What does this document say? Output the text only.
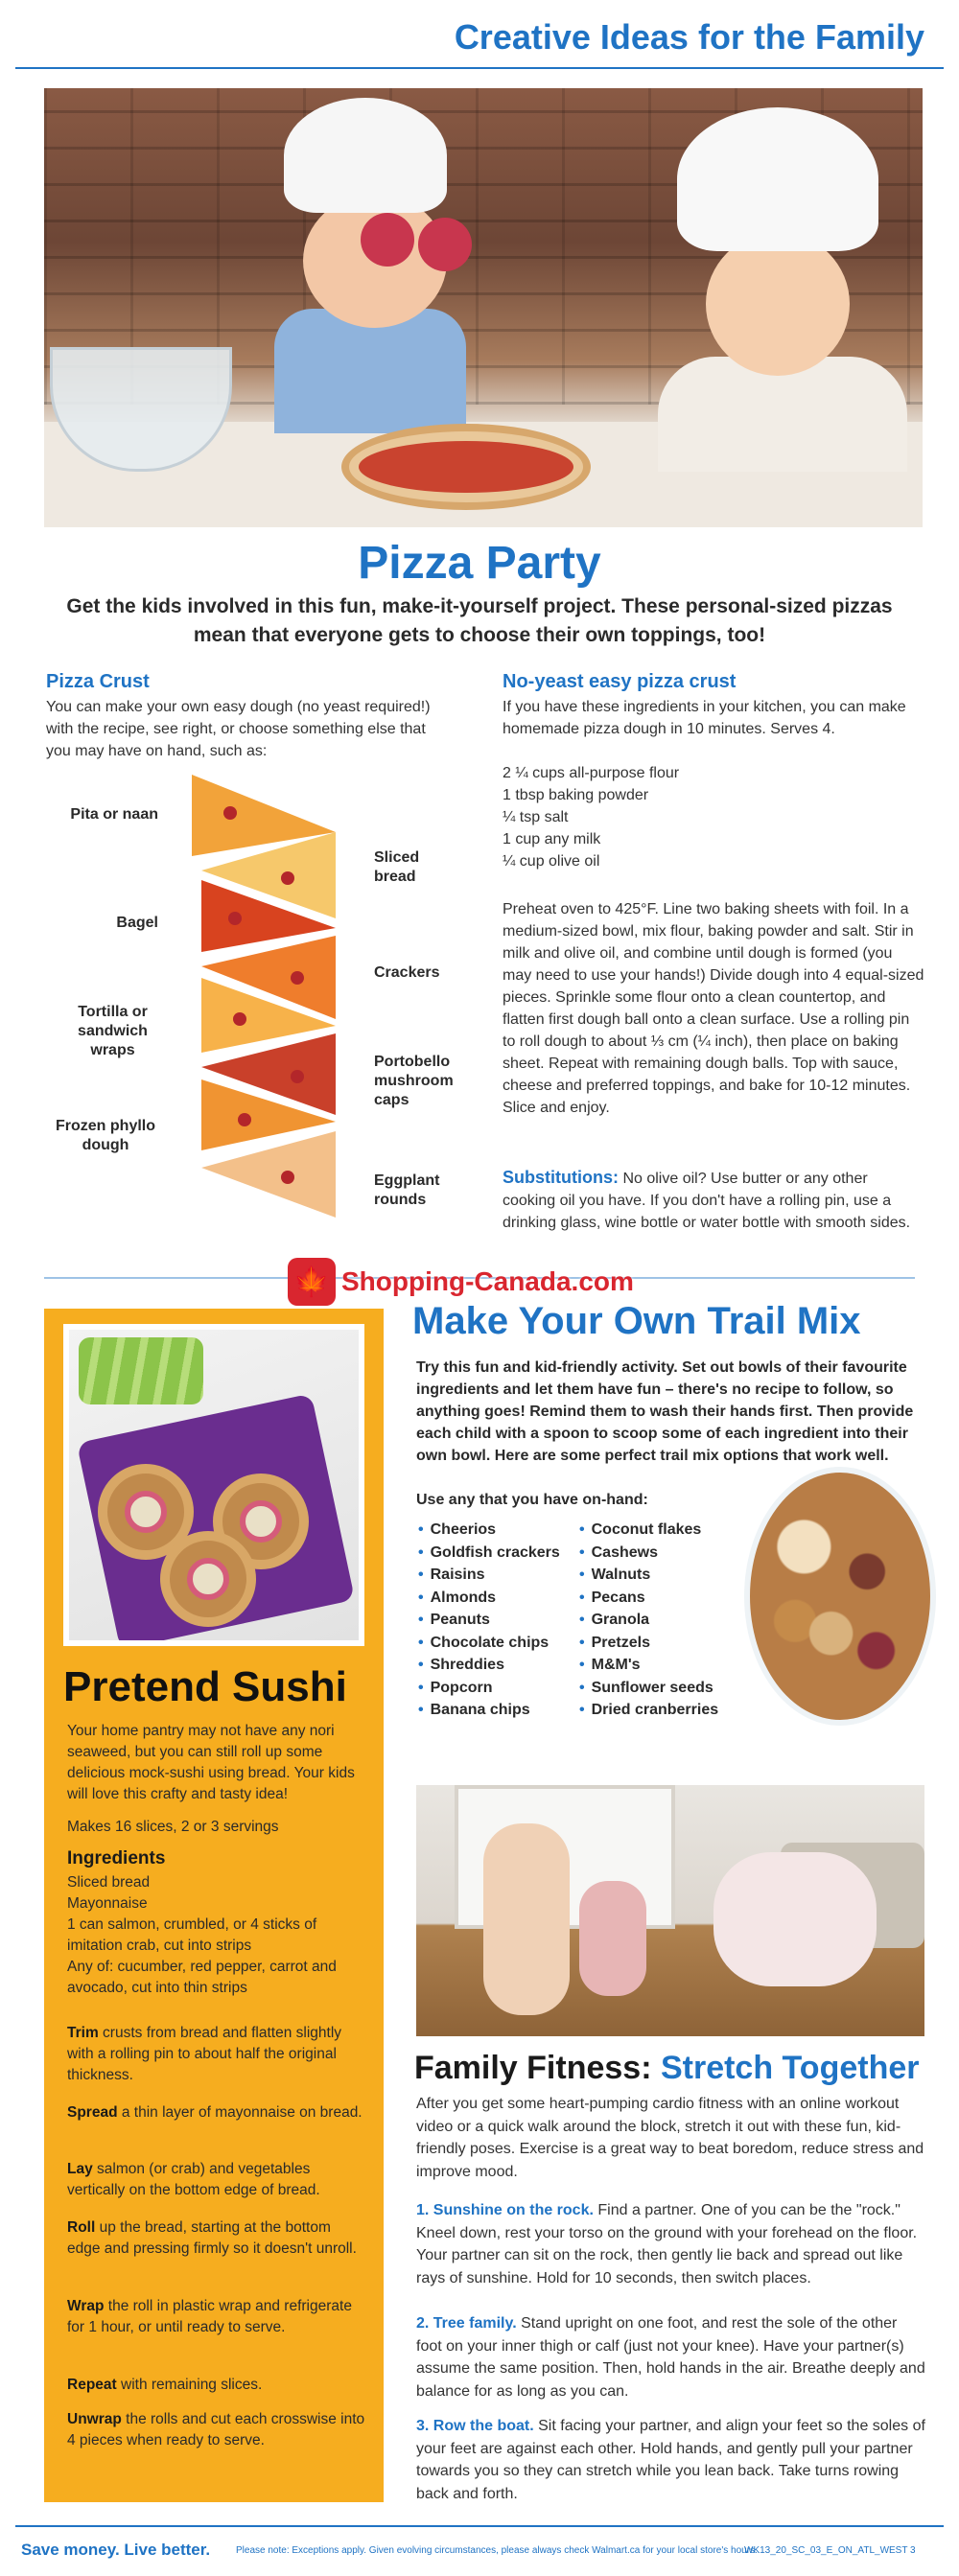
Creative Ideas for the Family
Pizza Party
Get the kids involved in this fun, make-it-yourself project. These personal-sized pizzas mean that everyone gets to choose their own toppings, too!
Pizza Crust
You can make your own easy dough (no yeast required!) with the recipe, see right, or choose something else that you may have on hand, such as:
Pita or naan
Bagel
Tortilla or sandwich wraps
Frozen phyllo dough
Sliced bread
Crackers
Portobello mushroom caps
Eggplant rounds
No-yeast easy pizza crust
If you have these ingredients in your kitchen, you can make homemade pizza dough in 10 minutes. Serves 4.
2 ¼ cups all-purpose flour
1 tbsp baking powder
¼ tsp salt
1 cup any milk
¼ cup olive oil
Preheat oven to 425°F. Line two baking sheets with foil. In a medium-sized bowl, mix flour, baking powder and salt. Stir in milk and olive oil, and combine until dough is formed (you may need to use your hands!) Divide dough into 4 equal-sized pieces. Sprinkle some flour onto a clean countertop, and flatten first dough ball onto a clean surface. Use a rolling pin to roll dough to about ⅓ cm (¼ inch), then place on baking sheet. Repeat with remaining dough balls. Top with sauce, cheese and preferred toppings, and bake for 10-12 minutes.
Slice and enjoy.
Substitutions: No olive oil? Use butter or any other cooking oil you have. If you don't have a rolling pin, use a drinking glass, wine bottle or water bottle with smooth sides.
🍁 Shopping-Canada.com
Pretend Sushi
Your home pantry may not have any nori seaweed, but you can still roll up some delicious mock-sushi using bread. Your kids will love this crafty and tasty idea!
Makes 16 slices, 2 or 3 servings
Ingredients
Sliced bread
Mayonnaise
1 can salmon, crumbled, or 4 sticks of imitation crab, cut into strips
Any of: cucumber, red pepper, carrot and avocado, cut into thin strips
Trim crusts from bread and flatten slightly with a rolling pin to about half the original thickness.
Spread a thin layer of mayonnaise on bread.
Lay salmon (or crab) and vegetables vertically on the bottom edge of bread.
Roll up the bread, starting at the bottom edge and pressing firmly so it doesn't unroll.
Wrap the roll in plastic wrap and refrigerate for 1 hour, or until ready to serve.
Repeat with remaining slices.
Unwrap the rolls and cut each crosswise into 4 pieces when ready to serve.
Make Your Own Trail Mix
Try this fun and kid-friendly activity. Set out bowls of their favourite ingredients and let them have fun – there's no recipe to follow, so anything goes! Remind them to wash their hands first. Then provide each child with a spoon to scoop some of each ingredient into their own bowl. Here are some perfect trail mix options that work well.
Use any that you have on-hand:
• Cheerios
• Goldfish crackers
• Raisins
• Almonds
• Peanuts
• Chocolate chips
• Shreddies
• Popcorn
• Banana chips
• Coconut flakes
• Cashews
• Walnuts
• Pecans
• Granola
• Pretzels
• M&M's
• Sunflower seeds
• Dried cranberries
Family Fitness: Stretch Together
After you get some heart-pumping cardio fitness with an online workout video or a quick walk around the block, stretch it out with these fun, kid-friendly poses. Exercise is a great way to beat boredom, reduce stress and improve mood.
1. Sunshine on the rock. Find a partner. One of you can be the "rock." Kneel down, rest your torso on the ground with your forehead on the floor. Your partner can sit on the rock, then gently lie back and spread out like rays of sunshine. Hold for 10 seconds, then switch places.
2. Tree family. Stand upright on one foot, and rest the sole of the other foot on your inner thigh or calf (just not your knee). Have your partner(s) assume the same position. Then, hold hands in the air. Breathe deeply and balance for as long as you can.
3. Row the boat. Sit facing your partner, and align your feet so the soles of your feet are against each other. Hold hands, and gently pull your partner towards you so they can stretch while you lean back. Take turns rowing back and forth.
Save money. Live better.	Please note: Exceptions apply. Given evolving circumstances, please always check Walmart.ca for your local store's hours.
WK13_20_SC_03_E_ON_ATL_WEST 3
